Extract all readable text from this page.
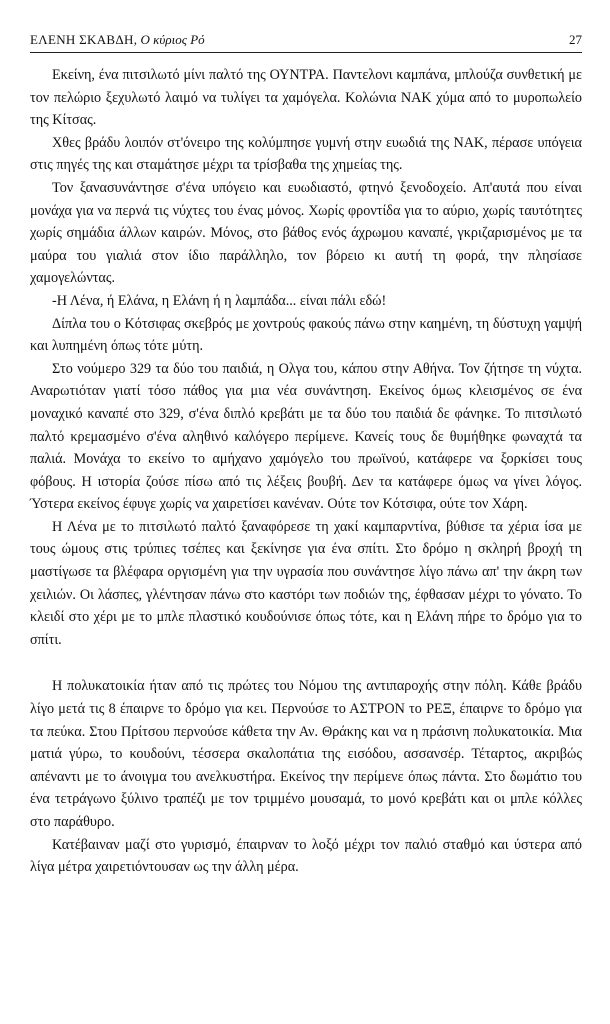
ΕΛΕΝΗ ΣΚΑΒΔΗ, Ο κύριος Ρό	27

Εκείνη, ένα πιτσιλωτό μίνι παλτό της ΟΥΝΤΡΑ. Παντελονι καμπάνα, μπλούζα συνθετική με τον πελώριο ξεχυλωτό λαιμό να τυλίγει τα χαμόγελα. Κολώνια ΝΑΚ χύμα από το μυροπωλείο της Κίτσας.

Χθες βράδυ λοιπόν στ'όνειρο της κολύμπησε γυμνή στην ευωδιά της ΝΑΚ, πέρασε υπόγεια στις πηγές της και σταμάτησε μέχρι τα τρίσβαθα της χημείας της.

Τον ξανασυνάντησε σ'ένα υπόγειο και ευωδιαστό, φτηνό ξενοδοχείο. Απ'αυτά που είναι μονάχα για να περνά τις νύχτες του ένας μόνος. Χωρίς φροντίδα για το αύριο, χωρίς ταυτότητες χωρίς σημάδια άλλων καιρών. Μόνος, στο βάθος ενός άχρωμου καναπέ, γκριζαρισμένος με τα μαύρα του γιαλιά στον ίδιο παράλληλο, τον βόρειο κι αυτή τη φορά, την πλησίασε χαμογελώντας.

-Η Λένα, ή Ελάνα, η Ελάνη ή η λαμπάδα... είναι πάλι εδώ!

Δίπλα του ο Κότσιφας σκεβρός με χοντρούς φακούς πάνω στην καημένη, τη δύστυχη γαμψή και λυπημένη όπως τότε μύτη.

Στο νούμερο 329 τα δύο του παιδιά, η Ολγα του, κάπου στην Αθήνα. Τον ζήτησε τη νύχτα. Αναρωτιόταν γιατί τόσο πάθος για μια νέα συνάντηση. Εκείνος όμως κλεισμένος σε ένα μοναχικό καναπέ στο 329, σ'ένα διπλό κρεβάτι με τα δύο του παιδιά δε φάνηκε. Το πιτσιλωτό παλτό κρεμασμένο σ'ένα αληθινό καλόγερο περίμενε. Κανείς τους δε θυμήθηκε φωναχτά τα παλιά. Μονάχα το εκείνο το αμήχανο χαμόγελο του πρωϊνού, κατάφερε να ξορκίσει τους φόβους. Η ιστορία ζούσε πίσω από τις λέξεις βουβή. Δεν τα κατάφερε όμως να γίνει λόγος. Ύστερα εκείνος έφυγε χωρίς να χαιρετίσει κανέναν. Ούτε τον Κότσιφα, ούτε τον Χάρη.

Η Λένα με το πιτσιλωτό παλτό ξαναφόρεσε τη χακί καμπαρντίνα, βύθισε τα χέρια ίσα με τους ώμους στις τρύπιες τσέπες και ξεκίνησε για ένα σπίτι. Στο δρόμο η σκληρή βροχή τη μαστίγωσε τα βλέφαρα οργισμένη για την υγρασία που συνάντησε λίγο πάνω απ' την άκρη των χειλιών. Οι λάσπες, γλέντησαν πάνω στο καστόρι των ποδιών της, έφθασαν μέχρι το γόνατο. Το κλειδί στο χέρι με το μπλε πλαστικό κουδούνισε όπως τότε, και η Ελάνη πήρε το δρόμο για το σπίτι.

Η πολυκατοικία ήταν από τις πρώτες του Νόμου της αντιπαροχής στην πόλη. Κάθε βράδυ λίγο μετά τις 8 έπαιρνε το δρόμο για κει. Περνούσε το ΑΣΤΡΟΝ το ΡΕΞ, έπαιρνε το δρόμο για τα πεύκα. Στου Πρίτσου περνούσε κάθετα την Αν. Θράκης και να η πράσινη πολυκατοικία. Μια ματιά γύρω, το κουδούνι, τέσσερα σκαλοπάτια της εισόδου, ασσανσέρ. Τέταρτος, ακριβώς απέναντι με το άνοιγμα του ανελκυστήρα. Εκείνος την περίμενε όπως πάντα. Στο δωμάτιο του ένα τετράγωνο ξύλινο τραπέζι με τον τριμμένο μουσαμά, το μονό κρεβάτι και οι μπλε κόλλες στο παράθυρο.

Κατέβαιναν μαζί στο γυρισμό, έπαιρναν το λοξό μέχρι τον παλιό σταθμό και ύστερα από λίγα μέτρα χαιρετιόντουσαν ως την άλλη μέρα.
